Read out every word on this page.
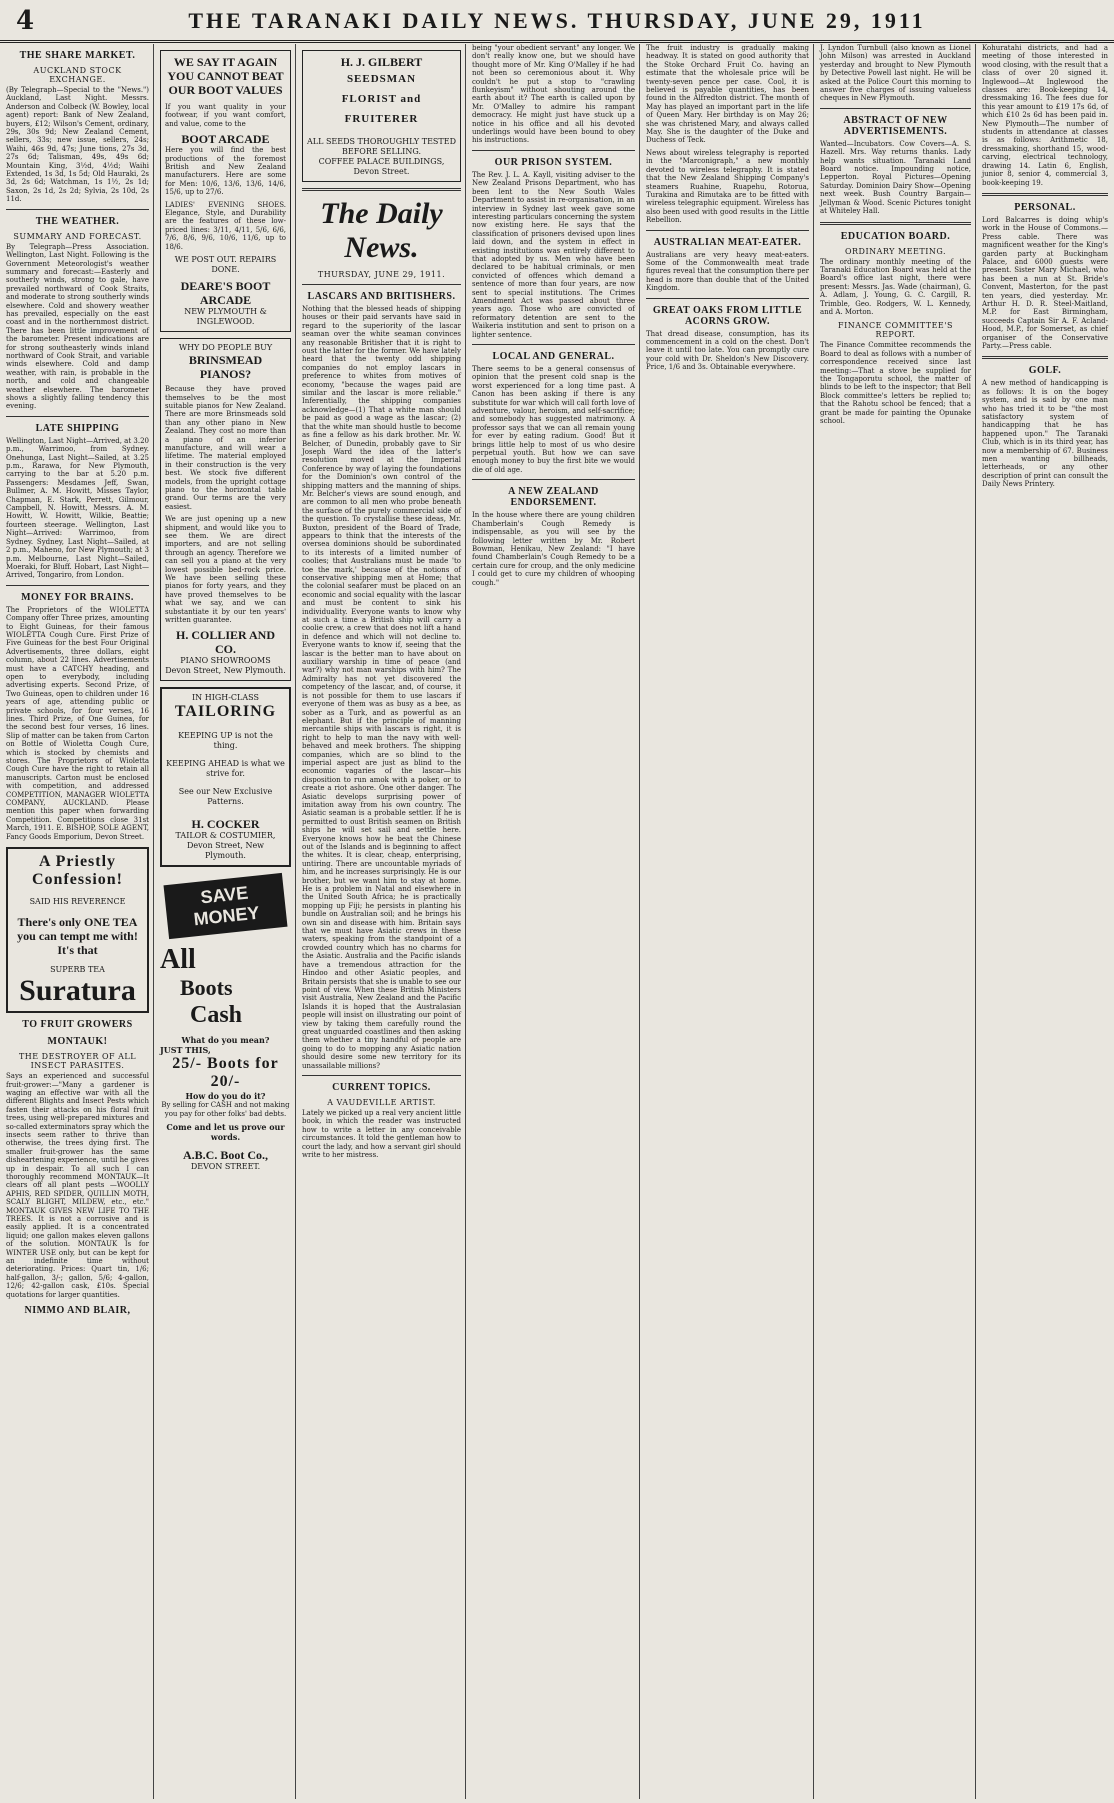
4	THE TARANAKI DAILY NEWS. THURSDAY, JUNE 29, 1911
THE SHARE MARKET.
AUCKLAND STOCK EXCHANGE.

(By Telegraph—Special to the "News.") Auckland, Last Night. Messrs. Anderson and Colbeck (W. Bowley, local agent) report: Bank of New Zealand, buyers, £12; Wilson's Cement, ordinary, 29s, 30s 9d; New Zealand Cement, sellers, 33s; new issue, sellers, 24s; Waihi, 46s 9d, 47s; June tions, 27s 3d, 27s 6d; Talisman, 49s, 49s 6d; Mountain King, 3½d, 4½d; Waihi Extended, 1s 3d, 1s 5d; Old Hauraki, 2s 3d, 2s 6d; Watchman, 1s 1½, 2s 1d; Saxon, 2s 1d, 2s 2d; Sylvia, 2s 10d, 2s 11d.

THE WEATHER.
SUMMARY AND FORECAST.

By Telegraph—Press Association. Wellington, Last Night. Following is the Government Meteorologist's weather summary and forecast:—Easterly and southerly winds, strong to gale, have prevailed northward of Cook Straits, and moderate to strong southerly winds elsewhere. Cold and showery weather has prevailed, especially on the east coast and in the northernmost district. There has been little improvement of the barometer. Present indications are for strong southeasterly winds inland northward of Cook Strait, and variable winds elsewhere. Cold and damp weather, with rain, is probable in the north, and cold and changeable weather elsewhere. The barometer shows a slightly falling tendency this evening.

LATE SHIPPING

Wellington, Last Night—Arrived, at 3.20 p.m., Warrimoo, from Sydney. Onehunga, Last Night—Sailed, at 3.25 p.m., Rarawa, for New Plymouth, carrying to the bar at 5.20 p.m. Passengers: Mesdames Jeff, Swan, Bullmer, A. M. Howitt, Misses Taylor, Chapman, E. Stark, Perrett, Gilmour, Campbell, N. Howitt, Messrs. A. M. Howitt, W. Howitt, Wilkie, Beattie; fourteen steerage. Wellington, Last Night—Arrived: Warrimoo, from Sydney. Sydney, Last Night—Sailed, at 2 p.m., Maheno, for New Plymouth; at 3 p.m. Melbourne, Last Night—Sailed, Moeraki, for Bluff. Hobart, Last Night—Arrived, Tongariro, from London.

MONEY FOR BRAINS.

The Proprietors of the WIOLETTA Company offer Three prizes, amounting to Eight Guineas, for their famous WIOLETTA Cough Cure. First Prize of Five Guineas for the best Four Original Advertisements, three dollars, eight column, about 22 lines. Advertisements must have a CATCHY heading, and open to everybody, including advertising experts. Second Prize, of Two Guineas, open to children under 16 years of age, attending public or private schools, for four verses, 16 lines. Third Prize, of One Guinea, for the second best four verses, 16 lines. Slip of matter can be taken from Carton on Bottle of Wioletta Cough Cure, which is stocked by chemists and stores. The Proprietors of Wioletta Cough Cure have the right to retain all manuscripts. Carton must be enclosed with competition, and addressed COMPETITION, MANAGER WIOLETTA COMPANY, AUCKLAND. Please mention this paper when forwarding Competition. Competitions close 31st March, 1911. E. BISHOP, SOLE AGENT, Fancy Goods Emporium, Devon Street.

A Priestly Confession!
SAID HIS REVERENCE
There's only ONE TEA you can tempt me with! It's that
SUPERB TEA
Suratura
TO FRUIT GROWERS
MONTAUK!
THE DESTROYER OF ALL INSECT PARASITES.

Says an experienced and successful fruit-grower:—"Many a gardener is waging an effective war with all the different Blights and Insect Pests which fasten their attacks on his floral fruit trees, using well-prepared mixtures and so-called exterminators spray which the insects seem rather to thrive than otherwise, the trees dying first. The smaller fruit-grower has the same disheartening experience, until he gives up in despair. To all such I can thoroughly recommend MONTAUK—It clears off all plant pests —WOOLLY APHIS, RED SPIDER, QUILLIN MOTH, SCALY BLIGHT, MILDEW, etc., etc." MONTAUK GIVES NEW LIFE TO THE TREES. It is not a corrosive and is easily applied. It is a concentrated liquid; one gallon makes eleven gallons of the solution. MONTAUK Is for WINTER USE only, but can be kept for an indefinite time without deteriorating. Prices: Quart tin, 1/6; half-gallon, 3/-; gallon, 5/6; 4-gallon, 12/6; 42-gallon cask, £10s. Special quotations for larger quantities.

NIMMO AND BLAIR,
WE SAY IT AGAIN
YOU CANNOT BEAT
OUR BOOT VALUES

If you want quality in your footwear, if you want comfort, and value, come to the

BOOT ARCADE

Here you will find the best productions of the foremost British and New Zealand manufacturers. Here are some for Men: 10/6, 13/6, 13/6, 14/6, 15/6, up to 27/6.

LADIES' EVENING SHOES. Elegance, Style, and Durability are the features of these low-priced lines: 3/11, 4/11, 5/6, 6/6, 7/6, 8/6, 9/6, 10/6, 11/6, up to 18/6.

WE POST OUT. REPAIRS DONE.
DEARE'S BOOT ARCADE
NEW PLYMOUTH & INGLEWOOD.
WHY DO PEOPLE BUY
BRINSMEAD PIANOS?

Because they have proved themselves to be the most suitable pianos for New Zealand. There are more Brinsmeads sold than any other piano in New Zealand. They cost no more than a piano of an inferior manufacture, and will wear a lifetime. The material employed in their construction is the very best. We stock five different models, from the upright cottage piano to the horizontal table grand. Our terms are the very easiest.

We are just opening up a new shipment, and would like you to see them. We are direct importers, and are not selling through an agency. Therefore we can sell you a piano at the very lowest possible bed-rock price. We have been selling these pianos for forty years, and they have proved themselves to be what we say, and we can substantiate it by our ten years' written guarantee.

H. COLLIER AND CO.
PIANO SHOWROOMS
Devon Street, New Plymouth.
IN HIGH-CLASS
TAILORING
KEEPING UP is not the thing.
KEEPING AHEAD is what we strive for.
See our New Exclusive Patterns.
H. COCKER
TAILOR & COSTUMIER,
Devon Street, New Plymouth.
SAVE MONEY
All
Boots
Cash
What do you mean?
JUST THIS,
25/- Boots for 20/-
How do you do it?

By selling for CASH and not making you pay for other folks' bad debts.

Come and let us prove our words.
A.B.C. Boot Co.,
DEVON STREET.
H. J. GILBERT
SEEDSMAN
FLORIST and
FRUITERER
ALL SEEDS THOROUGHLY TESTED BEFORE SELLING.
COFFEE PALACE BUILDINGS, Devon Street.
The Daily News.
THURSDAY, JUNE 29, 1911.
LASCARS AND BRITISHERS.

Nothing that the blessed heads of shipping houses or their paid servants have said in regard to the superiority of the lascar seaman over the white seaman convinces any reasonable Britisher that it is right to oust the latter for the former. We have lately heard that the twenty odd shipping companies do not employ lascars in preference to whites from motives of economy, "because the wages paid are similar and the lascar is more reliable." Inferentially, the shipping companies acknowledge—(1) That a white man should be paid as good a wage as the lascar; (2) that the white man should hustle to become as fine a fellow as his dark brother. Mr. W. Belcher, of Dunedin, probably gave to Sir Joseph Ward the idea of the latter's resolution moved at the Imperial Conference by way of laying the foundations for the Dominion's own control of the shipping matters and the manning of ships. Mr. Belcher's views are sound enough, and are common to all men who probe beneath the surface of the purely commercial side of the question. To crystallise these ideas, Mr. Buxton, president of the Board of Trade, appears to think that the interests of the oversea dominions should be subordinated to its interests of a limited number of coolies; that Australians must be made 'to toe the mark,' because of the notions of conservative shipping men at Home; that the colonial seafarer must be placed on an economic and social equality with the lascar and must be content to sink his individuality. Everyone wants to know why at such a time a British ship will carry a coolie crew, a crew that does not lift a hand in defence and which will not decline to. Everyone wants to know if, seeing that the lascar is the better man to have about on auxiliary warship in time of peace (and war?) why not man warships with him? The Admiralty has not yet discovered the competency of the lascar, and, of course, it is not possible for them to use lascars if everyone of them was as busy as a bee, as sober as a Turk, and as powerful as an elephant. But if the principle of manning mercantile ships with lascars is right, it is right to help to man the navy with well-behaved and meek brothers. The shipping companies, which are so blind to the imperial aspect are just as blind to the economic vagaries of the lascar—his disposition to run amok with a poker, or to create a riot ashore. One other danger. The Asiatic develops surprising power of imitation away from his own country. The Asiatic seaman is a probable settler. If he is permitted to oust British seamen on British ships he will set sail and settle here. Everyone knows how he beat the Chinese out of the Islands and is beginning to affect the whites. It is clear, cheap, enterprising, untiring. There are uncountable myriads of him, and he increases surprisingly. He is our brother, but we want him to stay at home. He is a problem in Natal and elsewhere in the United South Africa; he is practically mopping up Fiji; he persists in planting his bundle on Australian soil; and he brings his own sin and disease with him. Britain says that we must have Asiatic crews in these waters, speaking from the standpoint of a crowded country which has no charms for the Asiatic. Australia and the Pacific islands have a tremendous attraction for the Hindoo and other Asiatic peoples, and Britain persists that she is unable to see our point of view. When these British Ministers visit Australia, New Zealand and the Pacific Islands it is hoped that the Australasian people will insist on illustrating our point of view by taking them carefully round the great unguarded coastlines and then asking them whether a tiny handful of people are going to do to mopping any Asiatic nation should desire some new territory for its unassailable millions?

CURRENT TOPICS.
A VAUDEVILLE ARTIST.

Lately we picked up a real very ancient little book, in which the reader was instructed how to write a letter in any conceivable circumstances. It told the gentleman how to court the lady, and how a servant girl should write to her mistress.

being "your obedient servant" any longer. We don't really know one, but we should have thought more of Mr. King O'Malley if he had not been so ceremonious about it. Why couldn't he put a stop to "crawling flunkeyism" without shouting around the earth about it? The earth is called upon by Mr. O'Malley to admire his rampant democracy. He might just have stuck up a notice in his office and all his devoted underlings would have been bound to obey his instructions.

OUR PRISON SYSTEM.

The Rev. J. L. A. Kayll, visiting adviser to the New Zealand Prisons Department, who has been lent to the New South Wales Department to assist in re-organisation, in an interview in Sydney last week gave some interesting particulars concerning the system now existing here. He says that the classification of prisoners devised upon lines laid down, and the system in effect in existing institutions was entirely different to that adopted by us. Men who have been declared to be habitual criminals, or men convicted of offences which demand a sentence of more than four years, are now sent to special institutions. The Crimes Amendment Act was passed about three years ago. Those who are convicted of reformatory detention are sent to the Waikeria institution and sent to prison on a lighter sentence.

LOCAL AND GENERAL.

There seems to be a general consensus of opinion that the present cold snap is the worst experienced for a long time past. A Canon has been asking if there is any substitute for war which will call forth love of adventure, valour, heroism, and self-sacrifice; and somebody has suggested matrimony. A professor says that we can all remain young for ever by eating radium. Good! But it brings little help to most of us who desire perpetual youth. But how we can save enough money to buy the first bite we would die of old age.

A NEW ZEALAND ENDORSEMENT.

In the house where there are young children Chamberlain's Cough Remedy is indispensable, as you will see by the following letter written by Mr. Robert Bowman, Henikau, New Zealand: "I have found Chamberlain's Cough Remedy to be a certain cure for croup, and the only medicine I could get to cure my children of whooping cough."

The fruit industry is gradually making headway. It is stated on good authority that the Stoke Orchard Fruit Co. having an estimate that the wholesale price will be twenty-seven pence per case. Cool, it is believed is payable quantities, has been found in the Alfredton district. The month of May has played an important part in the life of Queen Mary. Her birthday is on May 26; she was christened Mary, and always called May. She is the daughter of the Duke and Duchess of Teck.

News about wireless telegraphy is reported in the "Marconigraph," a new monthly devoted to wireless telegraphy. It is stated that the New Zealand Shipping Company's steamers Ruahine, Ruapehu, Rotorua, Turakina and Rimutaka are to be fitted with wireless telegraphic equipment. Wireless has also been used with good results in the Little Rebellion.

AUSTRALIAN MEAT-EATER.

Australians are very heavy meat-eaters. Some of the Commonwealth meat trade figures reveal that the consumption there per head is more than double that of the United Kingdom.

GREAT OAKS FROM LITTLE ACORNS GROW.

That dread disease, consumption, has its commencement in a cold on the chest. Don't leave it until too late. You can promptly cure your cold with Dr. Sheldon's New Discovery. Price, 1/6 and 3s. Obtainable everywhere.

J. Lyndon Turnbull (also known as Lionel John Milson) was arrested in Auckland yesterday and brought to New Plymouth by Detective Powell last night. He will be asked at the Police Court this morning to answer five charges of issuing valueless cheques in New Plymouth.

ABSTRACT OF NEW ADVERTISEMENTS.

Wanted—Incubators. Cow Covers—A. S. Hazell. Mrs. Way returns thanks. Lady help wants situation. Taranaki Land Board notice. Impounding notice, Lepperton. Royal Pictures—Opening Saturday. Dominion Dairy Show—Opening next week. Bush Country Bargain—Jellyman & Wood. Scenic Pictures tonight at Whiteley Hall.

EDUCATION BOARD.
ORDINARY MEETING.

The ordinary monthly meeting of the Taranaki Education Board was held at the Board's office last night, there were present: Messrs. Jas. Wade (chairman), G. A. Adlam, J. Young, G. C. Cargill, R. Trimble, Geo. Rodgers, W. L. Kennedy, and A. Morton.

FINANCE COMMITTEE'S REPORT.

The Finance Committee recommends the Board to deal as follows with a number of correspondence received since last meeting:—That a stove be supplied for the Tongaporutu school, the matter of blinds to be left to the inspector; that Bell Block committee's letters be replied to; that the Rahotu school be fenced; that a grant be made for painting the Opunake school.

Kohuratahi districts, and had a meeting of those interested in wood closing, with the result that a class of over 20 signed it. Inglewood—At Inglewood the classes are: Book-keeping 14, dressmaking 16. The fees due for this year amount to £19 17s 6d, of which £10 2s 6d has been paid in. New Plymouth—The number of students in attendance at classes is as follows: Arithmetic 18, dressmaking, shorthand 15, wood-carving, electrical technology, drawing 14. Latin 6, English, junior 8, senior 4, commercial 3, book-keeping 19.

PERSONAL.

Lord Balcarres is doing whip's work in the House of Commons.—Press cable. There was magnificent weather for the King's garden party at Buckingham Palace, and 6000 guests were present. Sister Mary Michael, who has been a nun at St. Bride's Convent, Masterton, for the past ten years, died yesterday. Mr. Arthur H. D. R. Steel-Maitland, M.P. for East Birmingham, succeeds Captain Sir A. F. Acland-Hood, M.P., for Somerset, as chief organiser of the Conservative Party.—Press cable.

GOLF.

A new method of handicapping is as follows: It is on the bogey system, and is said by one man who has tried it to be "the most satisfactory system of handicapping that he has happened upon." The Taranaki Club, which is in its third year, has now a membership of 67. Business men wanting billheads, letterheads, or any other description of print can consult the Daily News Printery.
